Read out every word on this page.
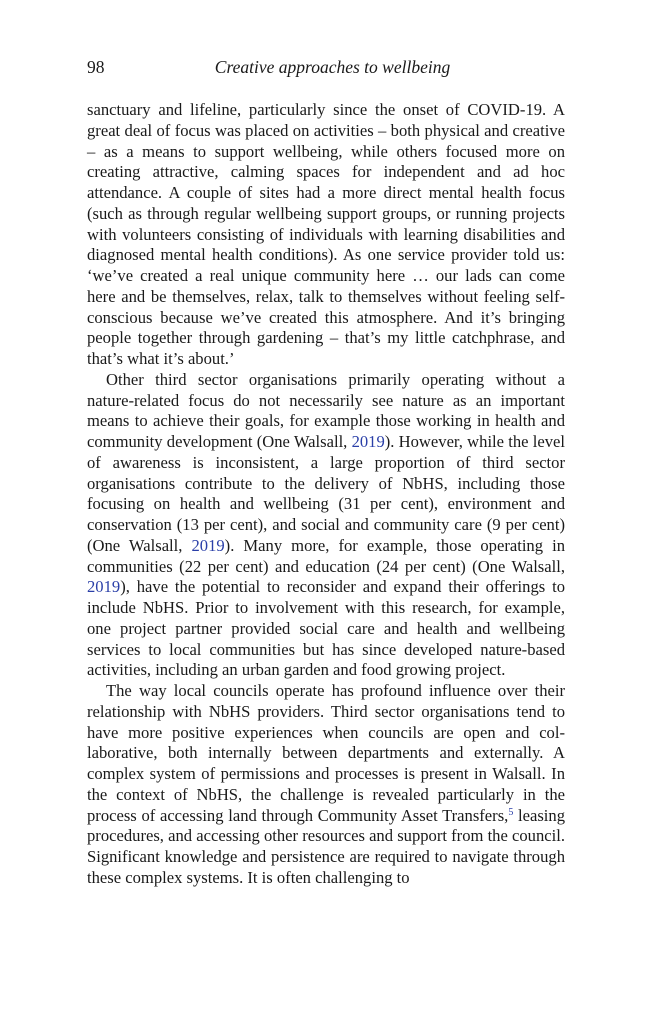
98	Creative approaches to wellbeing

sanctuary and lifeline, particularly since the onset of COVID-19. A great deal of focus was placed on activities – both physical and creative – as a means to support wellbeing, while others focused more on creating attractive, calming spaces for independent and ad hoc attendance. A couple of sites had a more direct mental health focus (such as through regular wellbeing support groups, or running projects with volunteers consisting of individuals with learning disabilities and diagnosed mental health conditions). As one service provider told us: ‘we’ve created a real unique community here … our lads can come here and be themselves, relax, talk to themselves without feeling self-conscious because we’ve created this atmosphere. And it’s bringing people together through gardening – that’s my little catchphrase, and that’s what it’s about.’

Other third sector organisations primarily operating without a nature-related focus do not necessarily see nature as an important means to achieve their goals, for example those working in health and community development (One Walsall, 2019). However, while the level of awareness is inconsistent, a large proportion of third sector organisations contribute to the delivery of NbHS, including those focusing on health and wellbeing (31 per cent), environment and conservation (13 per cent), and social and community care (9 per cent) (One Walsall, 2019). Many more, for example, those operating in communities (22 per cent) and education (24 per cent) (One Walsall, 2019), have the potential to reconsider and expand their offerings to include NbHS. Prior to involvement with this research, for example, one project partner provided social care and health and wellbeing services to local communities but has since developed nature-based activities, including an urban garden and food growing project.

The way local councils operate has profound influence over their relationship with NbHS providers. Third sector organisations tend to have more positive experiences when councils are open and collaborative, both internally between departments and externally. A complex system of permissions and processes is present in Walsall. In the context of NbHS, the challenge is revealed particularly in the process of accessing land through Community Asset Transfers,$^5$ leasing procedures, and accessing other resources and support from the council. Significant knowledge and persistence are required to navigate through these complex systems. It is often challenging to
